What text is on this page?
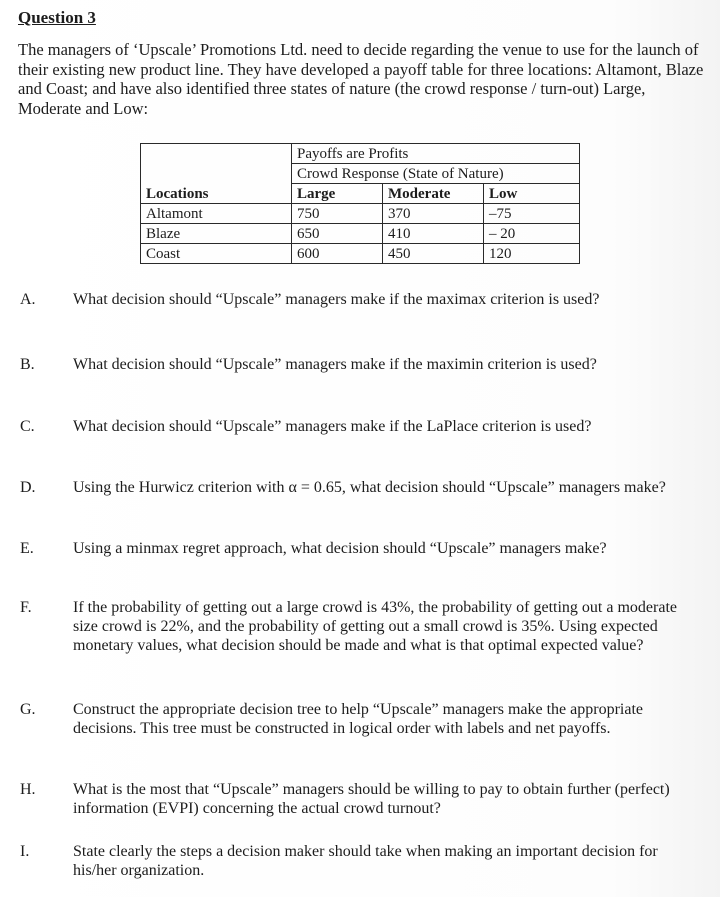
Question 3
The managers of ‘Upscale’ Promotions Ltd. need to decide regarding the venue to use for the launch of their existing new product line. They have developed a payoff table for three locations: Altamont, Blaze and Coast; and have also identified three states of nature (the crowd response / turn-out) Large, Moderate and Low:
	Payoffs are Profits		
	Crowd Response (State of Nature)		
Locations	Large	Moderate	Low
Altamont	750	370	–75
Blaze	650	410	– 20
Coast	600	450	120
A. What decision should “Upscale” managers make if the maximax criterion is used?
B. What decision should “Upscale” managers make if the maximin criterion is used?
C. What decision should “Upscale” managers make if the LaPlace criterion is used?
D. Using the Hurwicz criterion with α = 0.65, what decision should “Upscale” managers make?
E. Using a minmax regret approach, what decision should “Upscale” managers make?
F.	If the probability of getting out a large crowd is 43%, the probability of getting out a moderate size crowd is 22%, and the probability of getting out a small crowd is 35%. Using expected monetary values, what decision should be made and what is that optimal expected value?
G. Construct the appropriate decision tree to help “Upscale” managers make the appropriate decisions. This tree must be constructed in logical order with labels and net payoffs.
H. What is the most that “Upscale” managers should be willing to pay to obtain further (perfect) information (EVPI) concerning the actual crowd turnout?
I.	State clearly the steps a decision maker should take when making an important decision for his/her organization.
